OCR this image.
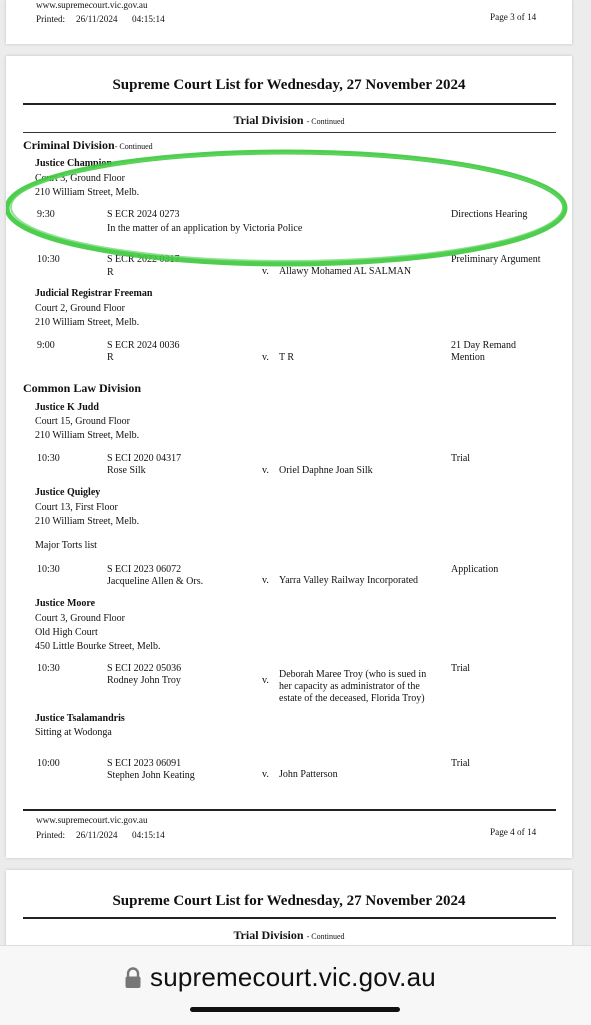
www.supremecourt.vic.gov.au
Printed: 26/11/2024 04:15:14	Page 3 of 14
Supreme Court List for Wednesday, 27 November 2024
Trial Division - Continued
Criminal Division- Continued
Justice Champion
Court 3, Ground Floor
210 William Street, Melb.
9:30	S ECR 2024 0273
In the matter of an application by Victoria Police
Directions Hearing
10:30	S ECR 2022 0317
R	v. Allawy Mohamed AL SALMAN
Preliminary Argument
Judicial Registrar Freeman
Court 2, Ground Floor
210 William Street, Melb.
9:00	S ECR 2024 0036
R	v. T R
21 Day Remand
Mention
Common Law Division
Justice K Judd
Court 15, Ground Floor
210 William Street, Melb.
10:30	S ECI 2020 04317
Rose Silk	v. Oriel Daphne Joan Silk
Trial
Justice Quigley
Court 13, First Floor
210 William Street, Melb.
Major Torts list
10:30	S ECI 2023 06072
Jacqueline Allen & Ors.	v. Yarra Valley Railway Incorporated
Application
Justice Moore
Court 3, Ground Floor
Old High Court
450 Little Bourke Street, Melb.
10:30	S ECI 2022 05036
Rodney John Troy	v.
Deborah Maree Troy (who is sued in
her capacity as administrator of the
estate of the deceased, Florida Troy)
Trial
Justice Tsalamandris
Sitting at Wodonga
10:00	S ECI 2023 06091
Stephen John Keating	v. John Patterson
Trial
www.supremecourt.vic.gov.au
Printed: 26/11/2024 04:15:14	Page 4 of 14
Supreme Court List for Wednesday, 27 November 2024
Trial Division - Continued
supremecourt.vic.gov.au
